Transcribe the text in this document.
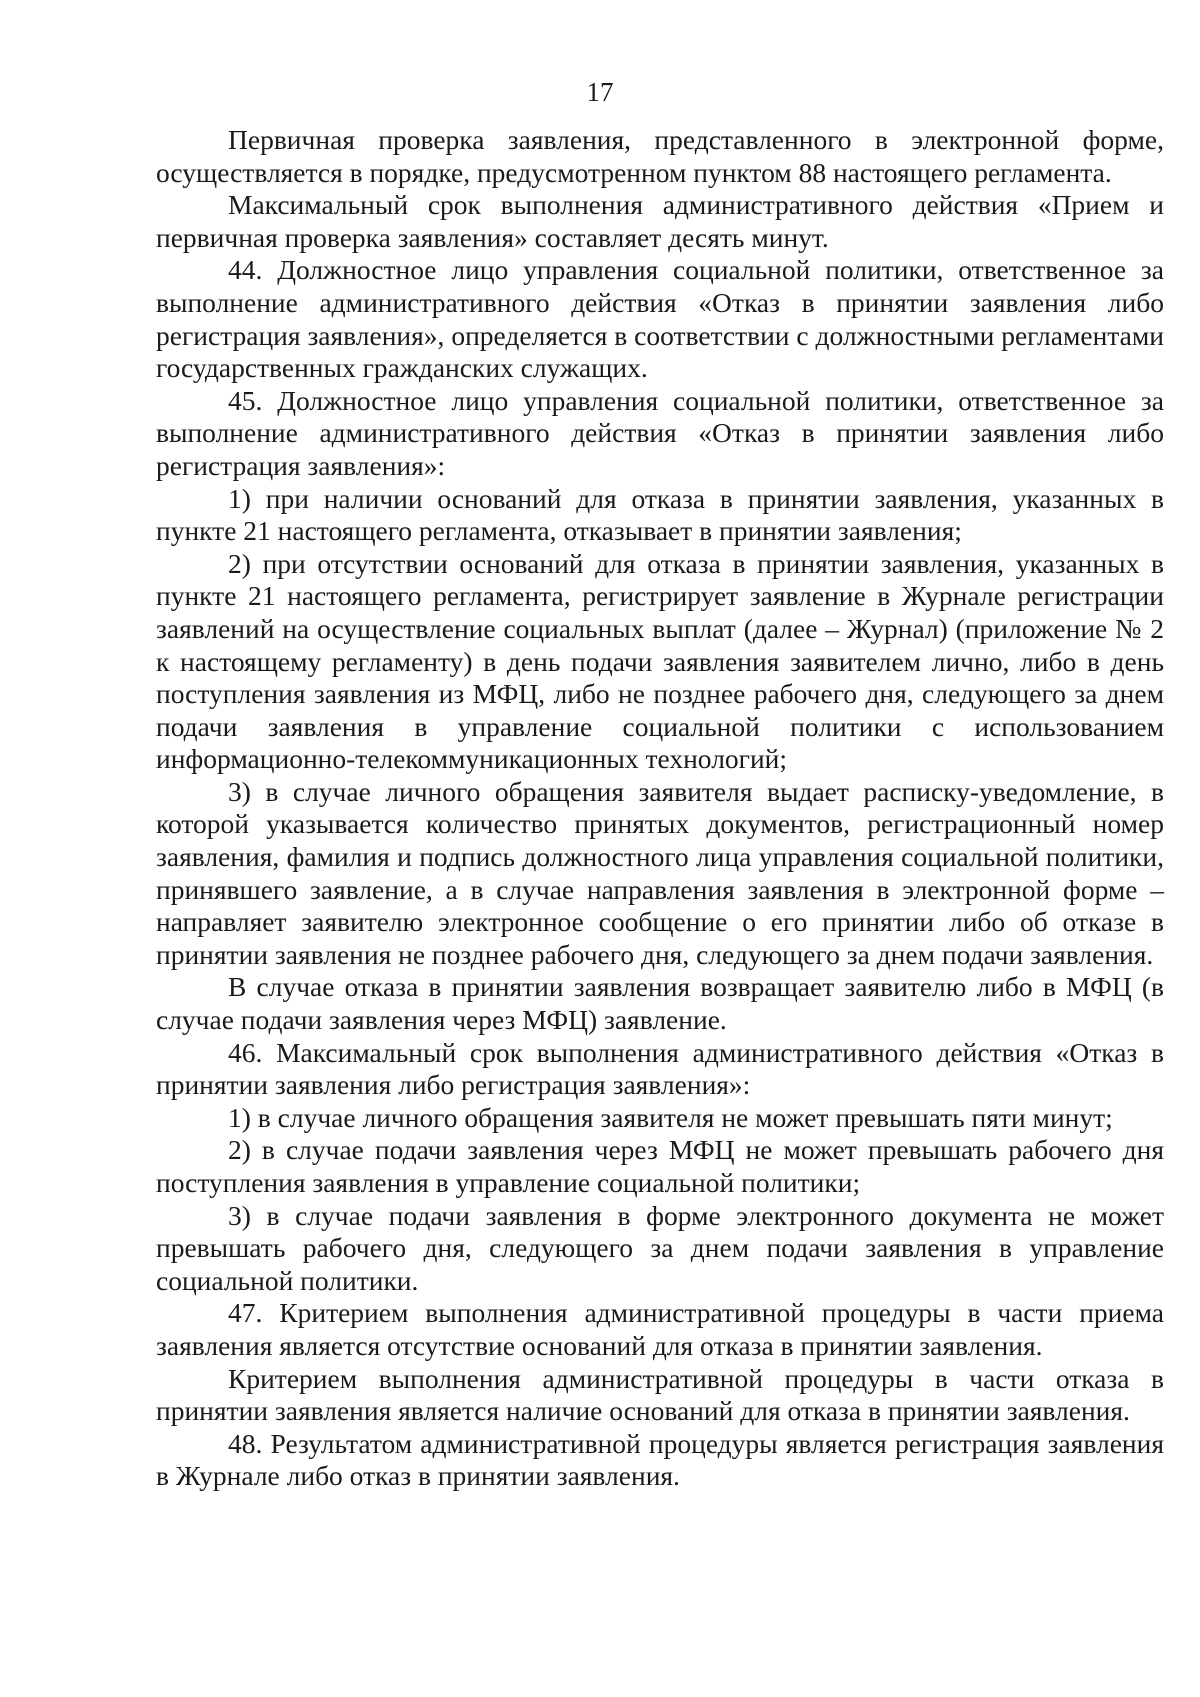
17

Первичная проверка заявления, представленного в электронной форме, осуществляется в порядке, предусмотренном пунктом 88 настоящего регламента.

Максимальный срок выполнения административного действия «Прием и первичная проверка заявления» составляет десять минут.

44. Должностное лицо управления социальной политики, ответственное за выполнение административного действия «Отказ в принятии заявления либо регистрация заявления», определяется в соответствии с должностными регламентами государственных гражданских служащих.

45. Должностное лицо управления социальной политики, ответственное за выполнение административного действия «Отказ в принятии заявления либо регистрация заявления»:

1) при наличии оснований для отказа в принятии заявления, указанных в пункте 21 настоящего регламента, отказывает в принятии заявления;

2) при отсутствии оснований для отказа в принятии заявления, указанных в пункте 21 настоящего регламента, регистрирует заявление в Журнале регистрации заявлений на осуществление социальных выплат (далее – Журнал) (приложение № 2 к настоящему регламенту) в день подачи заявления заявителем лично, либо в день поступления заявления из МФЦ, либо не позднее рабочего дня, следующего за днем подачи заявления в управление социальной политики с использованием информационно-телекоммуникационных технологий;

3) в случае личного обращения заявителя выдает расписку-уведомление, в которой указывается количество принятых документов, регистрационный номер заявления, фамилия и подпись должностного лица управления социальной политики, принявшего заявление, а в случае направления заявления в электронной форме – направляет заявителю электронное сообщение о его принятии либо об отказе в принятии заявления не позднее рабочего дня, следующего за днем подачи заявления.

В случае отказа в принятии заявления возвращает заявителю либо в МФЦ (в случае подачи заявления через МФЦ) заявление.

46. Максимальный срок выполнения административного действия «Отказ в принятии заявления либо регистрация заявления»:

1) в случае личного обращения заявителя не может превышать пяти минут;

2) в случае подачи заявления через МФЦ не может превышать рабочего дня поступления заявления в управление социальной политики;

3) в случае подачи заявления в форме электронного документа не может превышать рабочего дня, следующего за днем подачи заявления в управление социальной политики.

47. Критерием выполнения административной процедуры в части приема заявления является отсутствие оснований для отказа в принятии заявления.

Критерием выполнения административной процедуры в части отказа в принятии заявления является наличие оснований для отказа в принятии заявления.

48. Результатом административной процедуры является регистрация заявления в Журнале либо отказ в принятии заявления.
